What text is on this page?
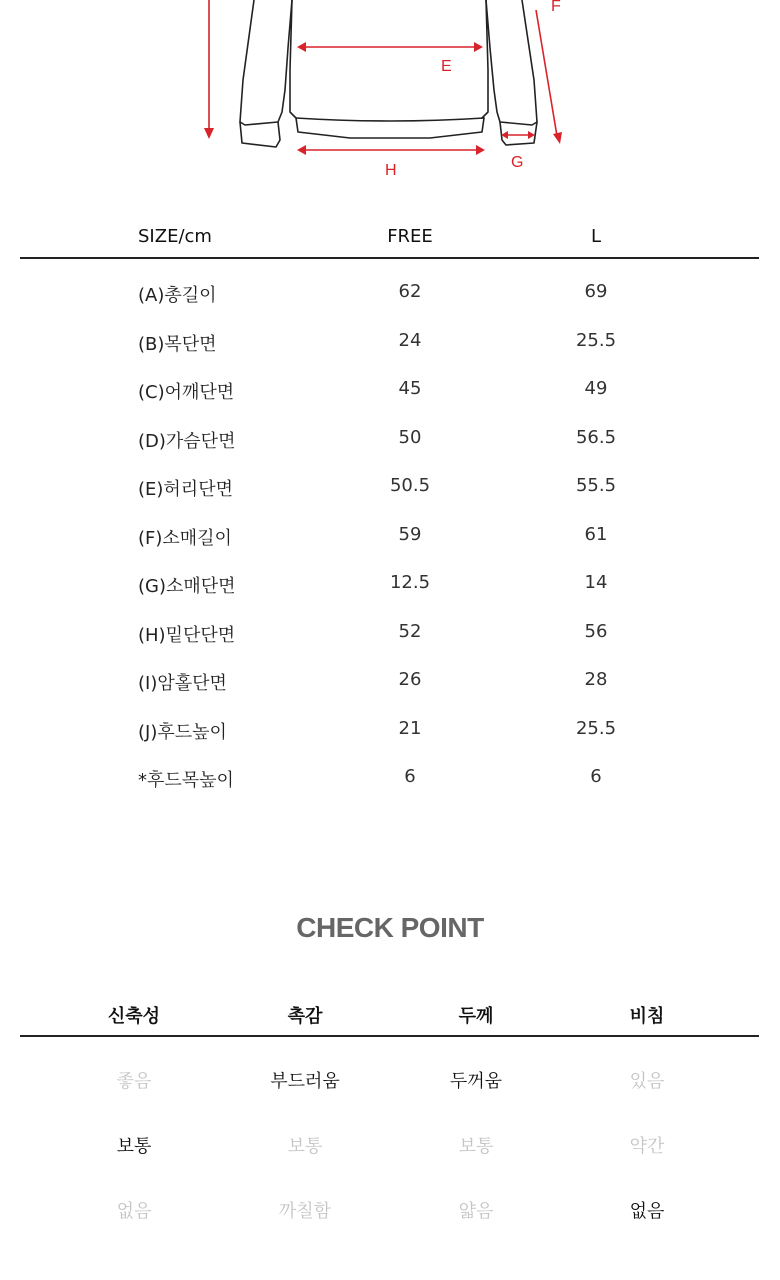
E
F
G
H
SIZE/cm	FREE	L
(A)총길이	62	69
(B)목단면	24	25.5
(C)어깨단면	45	49
(D)가슴단면	50	56.5
(E)허리단면	50.5	55.5
(F)소매길이	59	61
(G)소매단면	12.5	14
(H)밑단단면	52	56
(I)암홀단면	26	28
(J)후드높이	21	25.5
*후드목높이	6	6
CHECK POINT
신축성	촉감	두께	비침
좋음	부드러움	두꺼움	있음
보통	보통	보통	약간
없음	까칠함	얇음	없음
